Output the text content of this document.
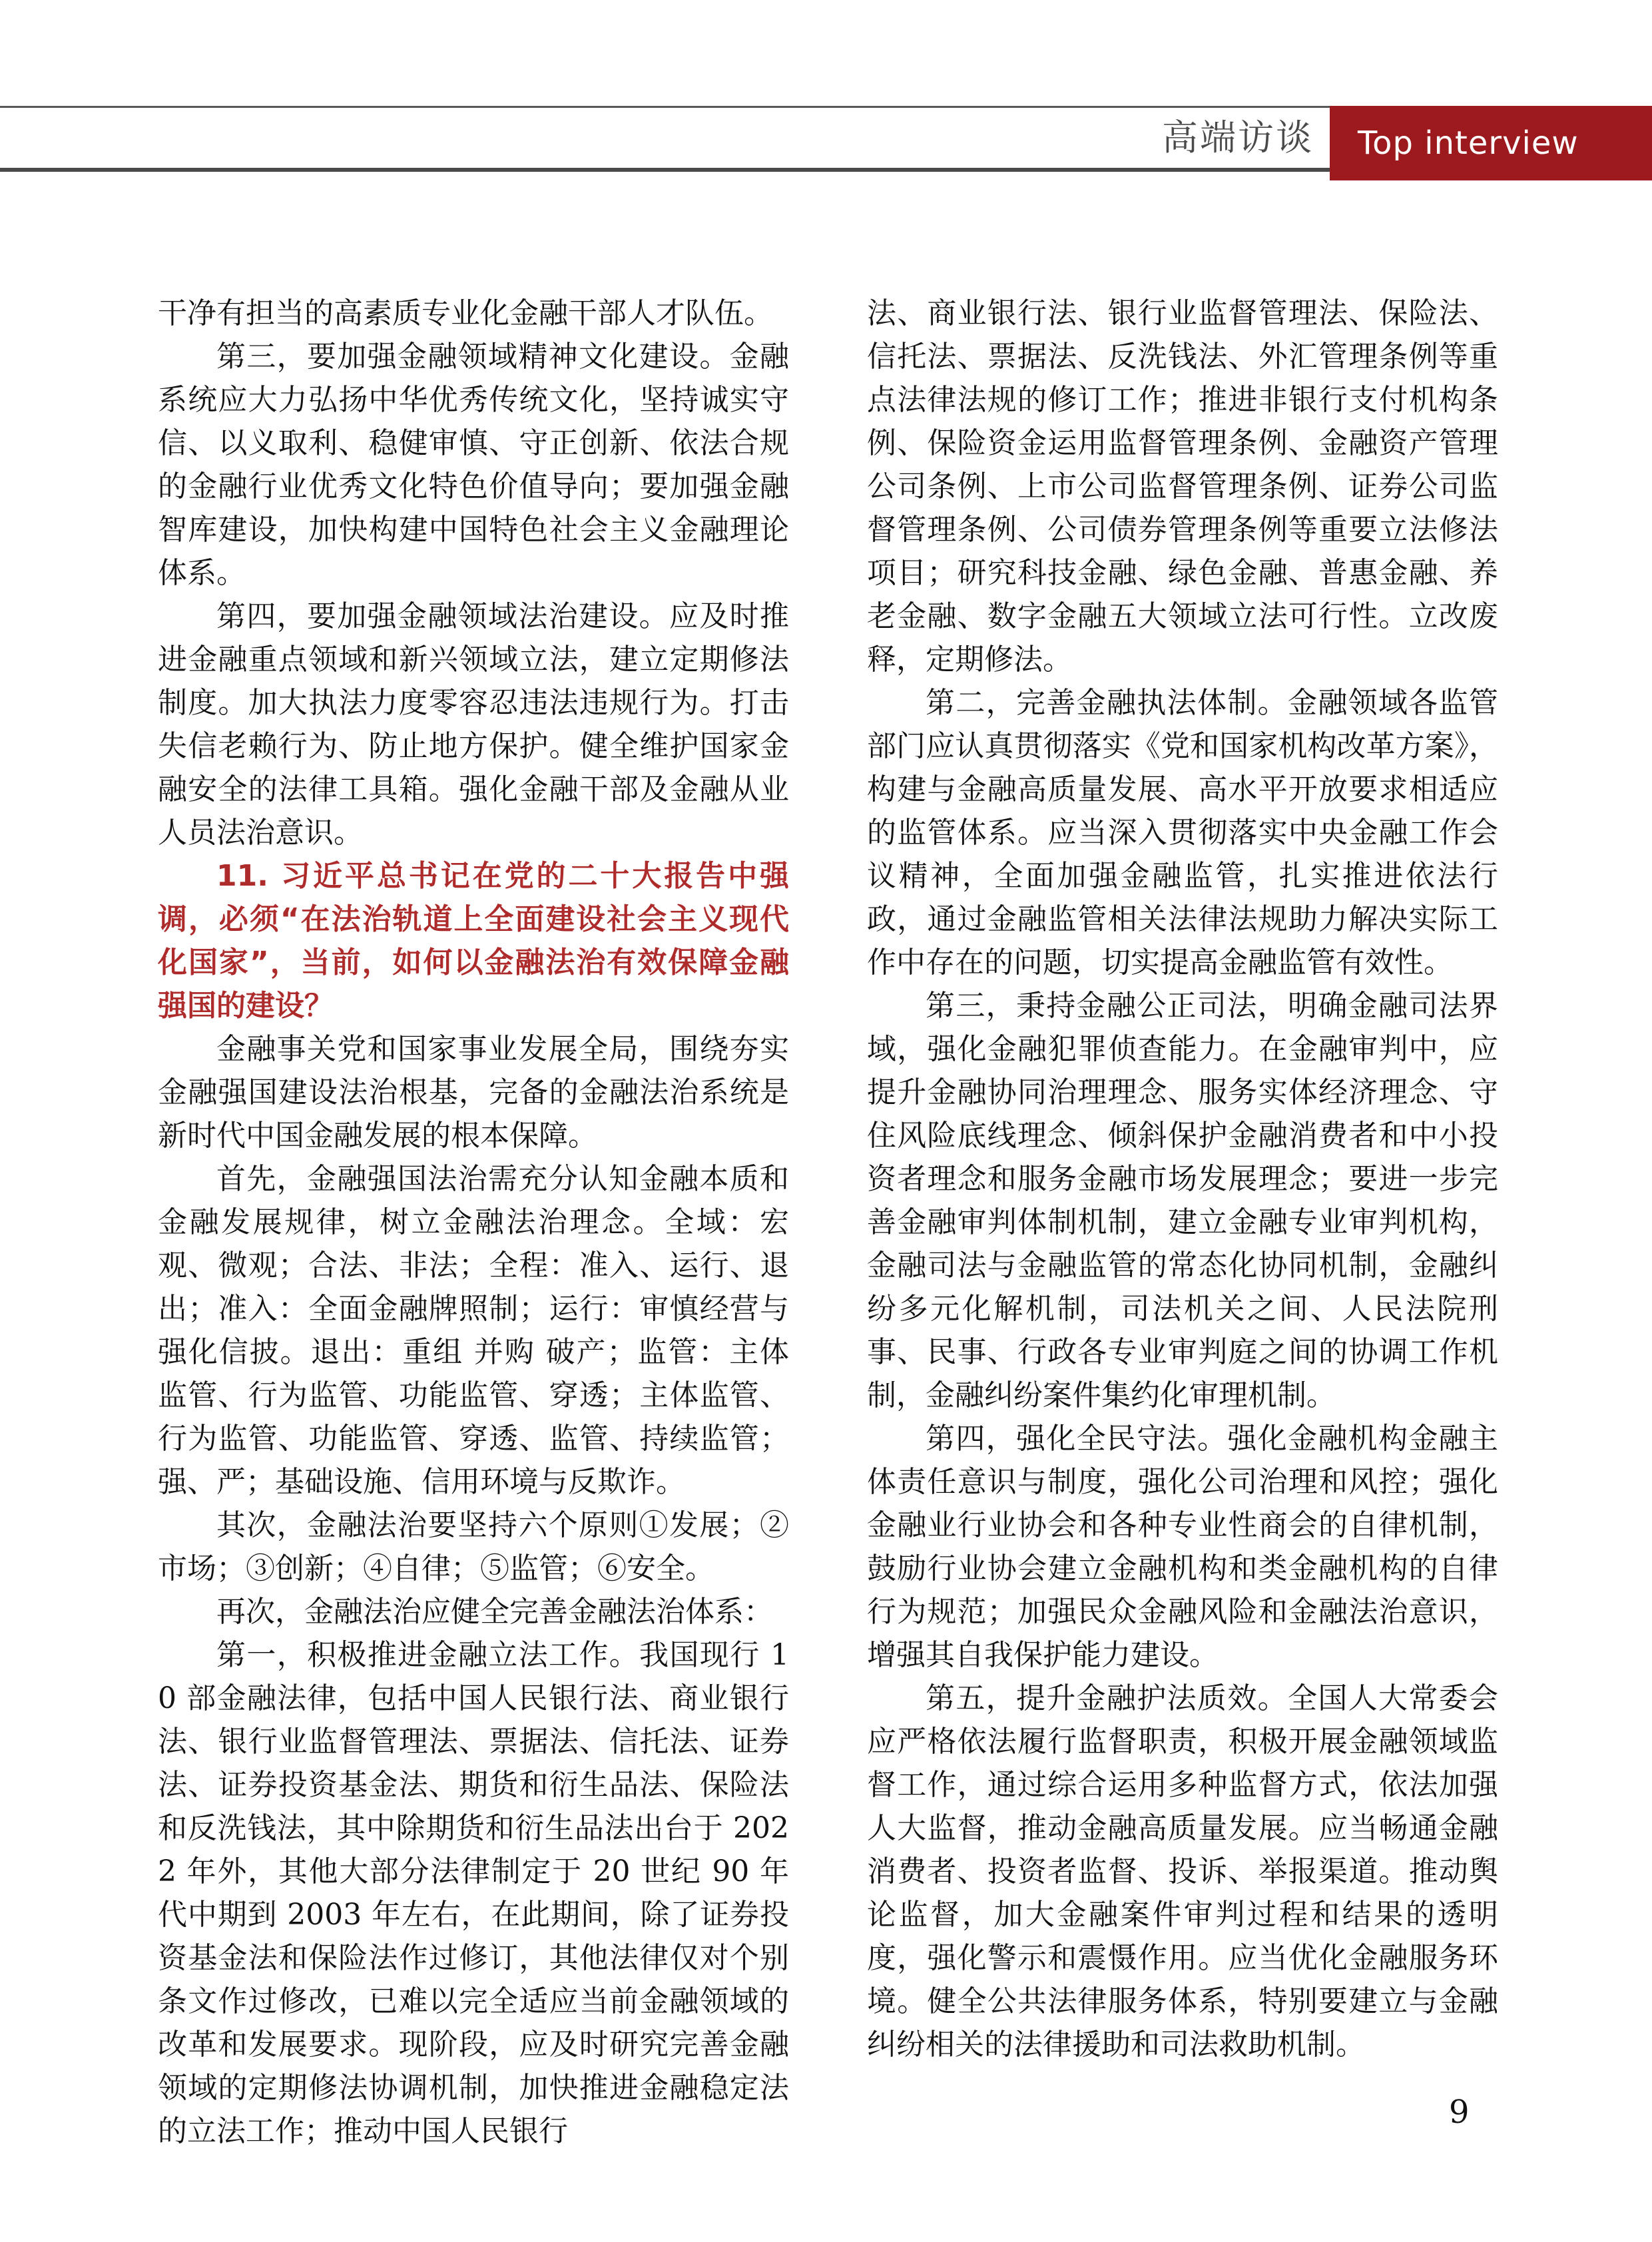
高端访谈 Top interview

干净有担当的高素质专业化金融干部人才队伍。

第三，要加强金融领域精神文化建设。金融系统应大力弘扬中华优秀传统文化，坚持诚实守信、以义取利、稳健审慎、守正创新、依法合规的金融行业优秀文化特色价值导向；要加强金融智库建设，加快构建中国特色社会主义金融理论体系。

第四，要加强金融领域法治建设。应及时推进金融重点领域和新兴领域立法，建立定期修法制度。加大执法力度零容忍违法违规行为。打击失信老赖行为、防止地方保护。健全维护国家金融安全的法律工具箱。强化金融干部及金融从业人员法治意识。

11. 习近平总书记在党的二十大报告中强调，必须“在法治轨道上全面建设社会主义现代化国家”，当前，如何以金融法治有效保障金融强国的建设？

金融事关党和国家事业发展全局，围绕夯实金融强国建设法治根基，完备的金融法治系统是新时代中国金融发展的根本保障。

首先，金融强国法治需充分认知金融本质和金融发展规律，树立金融法治理念。全域：宏观、微观；合法、非法；全程：准入、运行、退出；准入：全面金融牌照制；运行：审慎经营与强化信披。退出：重组 并购 破产；监管：主体监管、行为监管、功能监管、穿透；主体监管、行为监管、功能监管、穿透、监管、持续监管；强、严；基础设施、信用环境与反欺诈。

其次，金融法治要坚持六个原则①发展；②市场；③创新；④自律；⑤监管；⑥安全。

再次，金融法治应健全完善金融法治体系：

第一，积极推进金融立法工作。我国现行 10 部金融法律，包括中国人民银行法、商业银行法、银行业监督管理法、票据法、信托法、证券法、证券投资基金法、期货和衍生品法、保险法和反洗钱法，其中除期货和衍生品法出台于 2022 年外，其他大部分法律制定于 20 世纪 90 年代中期到 2003 年左右，在此期间，除了证券投资基金法和保险法作过修订，其他法律仅对个别条文作过修改，已难以完全适应当前金融领域的改革和发展要求。现阶段，应及时研究完善金融领域的定期修法协调机制，加快推进金融稳定法的立法工作；推动中国人民银行

法、商业银行法、银行业监督管理法、保险法、信托法、票据法、反洗钱法、外汇管理条例等重点法律法规的修订工作；推进非银行支付机构条例、保险资金运用监督管理条例、金融资产管理公司条例、上市公司监督管理条例、证券公司监督管理条例、公司债券管理条例等重要立法修法项目；研究科技金融、绿色金融、普惠金融、养老金融、数字金融五大领域立法可行性。立改废释，定期修法。

第二，完善金融执法体制。金融领域各监管部门应认真贯彻落实《党和国家机构改革方案》，构建与金融高质量发展、高水平开放要求相适应的监管体系。应当深入贯彻落实中央金融工作会议精神，全面加强金融监管，扎实推进依法行政，通过金融监管相关法律法规助力解决实际工作中存在的问题，切实提高金融监管有效性。

第三，秉持金融公正司法，明确金融司法界域，强化金融犯罪侦查能力。在金融审判中，应提升金融协同治理理念、服务实体经济理念、守住风险底线理念、倾斜保护金融消费者和中小投资者理念和服务金融市场发展理念；要进一步完善金融审判体制机制，建立金融专业审判机构，金融司法与金融监管的常态化协同机制，金融纠纷多元化解机制，司法机关之间、人民法院刑事、民事、行政各专业审判庭之间的协调工作机制，金融纠纷案件集约化审理机制。

第四，强化全民守法。强化金融机构金融主体责任意识与制度，强化公司治理和风控；强化金融业行业协会和各种专业性商会的自律机制，鼓励行业协会建立金融机构和类金融机构的自律行为规范；加强民众金融风险和金融法治意识，增强其自我保护能力建设。

第五，提升金融护法质效。全国人大常委会应严格依法履行监督职责，积极开展金融领域监督工作，通过综合运用多种监督方式，依法加强人大监督，推动金融高质量发展。应当畅通金融消费者、投资者监督、投诉、举报渠道。推动舆论监督，加大金融案件审判过程和结果的透明度，强化警示和震慑作用。应当优化金融服务环境。健全公共法律服务体系，特别要建立与金融纠纷相关的法律援助和司法救助机制。

9
